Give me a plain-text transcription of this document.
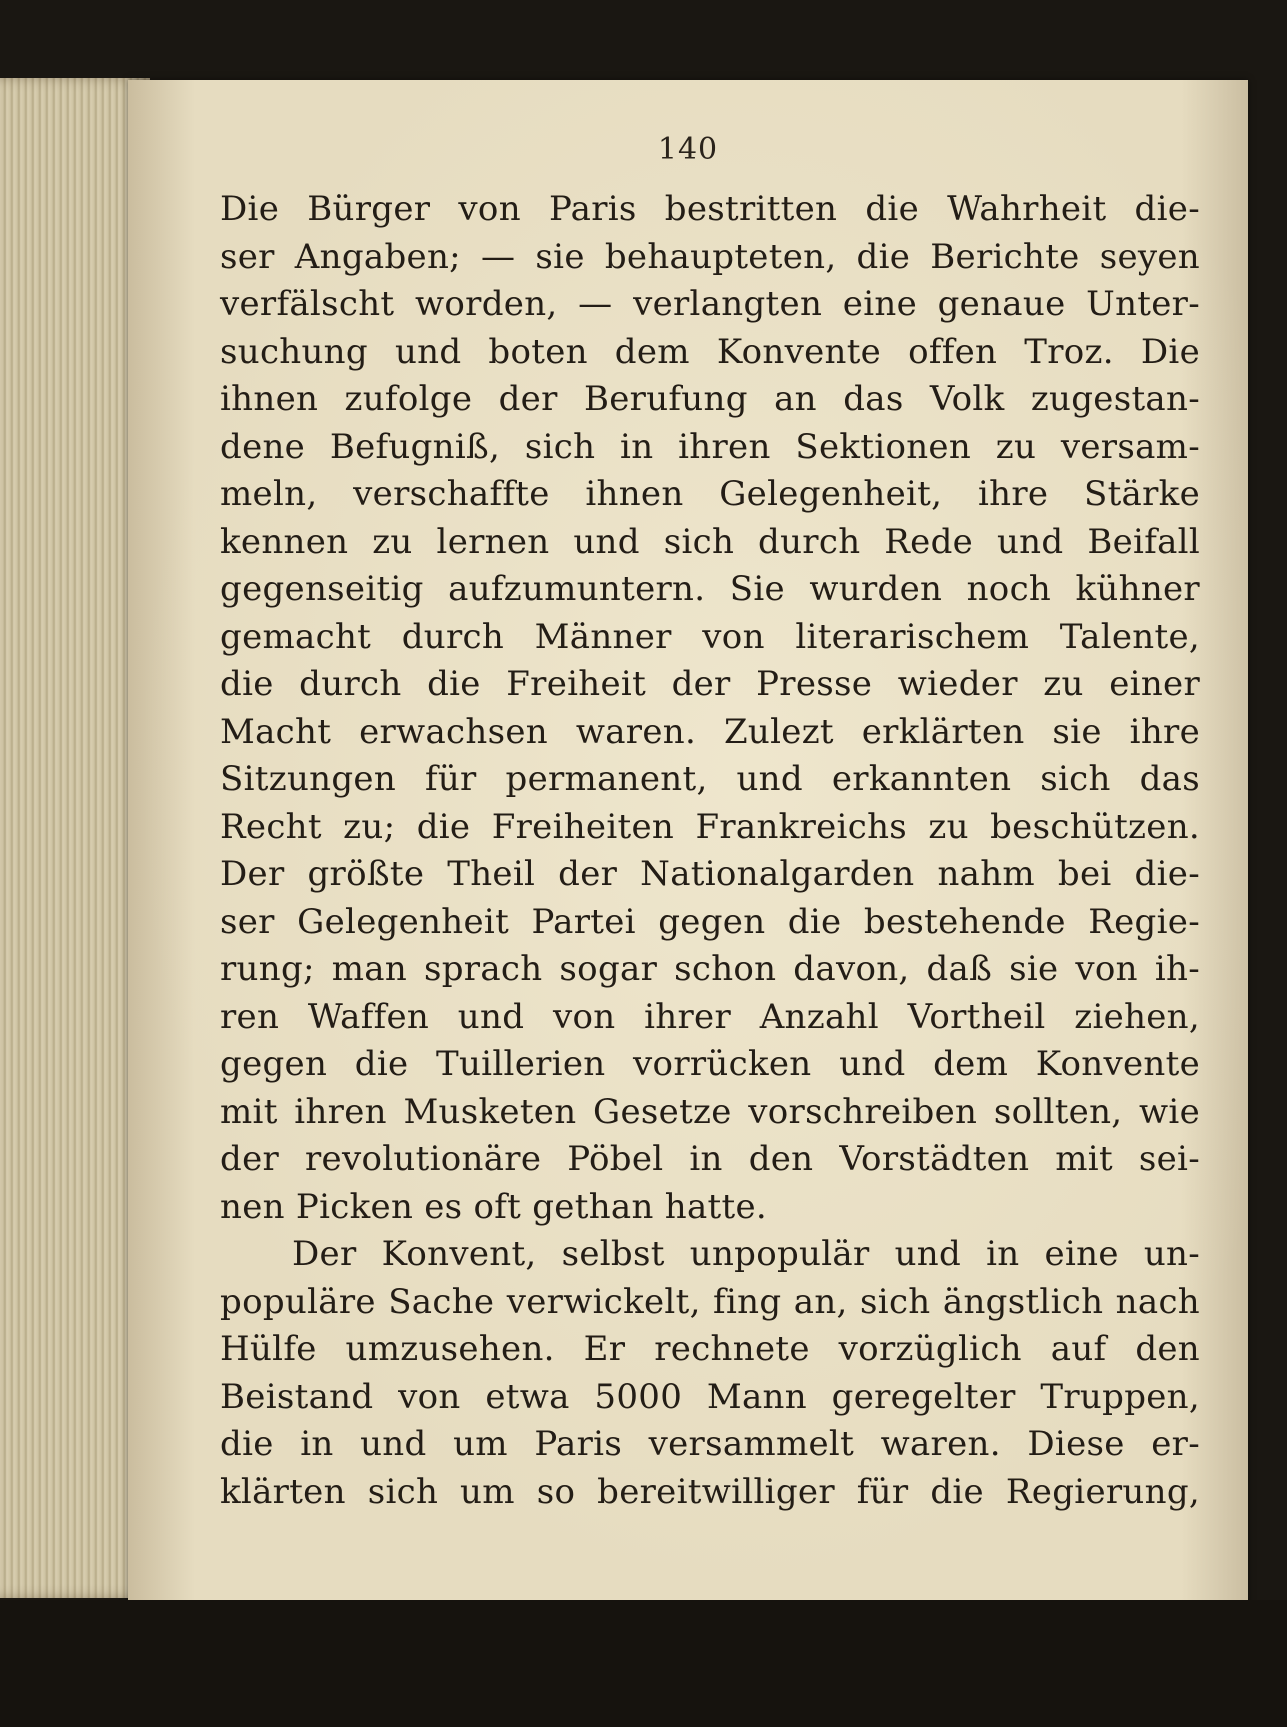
140
Die Bürger von Paris bestritten die Wahrheit die-
ser Angaben; — sie behaupteten, die Berichte seyen
verfälscht worden, — verlangten eine genaue Unter-
suchung und boten dem Konvente offen Troz. Die
ihnen zufolge der Berufung an das Volk zugestan-
dene Befugniß, sich in ihren Sektionen zu versam-
meln, verschaffte ihnen Gelegenheit, ihre Stärke
kennen zu lernen und sich durch Rede und Beifall
gegenseitig aufzumuntern. Sie wurden noch kühner
gemacht durch Männer von literarischem Talente,
die durch die Freiheit der Presse wieder zu einer
Macht erwachsen waren. Zulezt erklärten sie ihre
Sitzungen für permanent, und erkannten sich das
Recht zu; die Freiheiten Frankreichs zu beschützen.
Der größte Theil der Nationalgarden nahm bei die-
ser Gelegenheit Partei gegen die bestehende Regie-
rung; man sprach sogar schon davon, daß sie von ih-
ren Waffen und von ihrer Anzahl Vortheil ziehen,
gegen die Tuillerien vorrücken und dem Konvente
mit ihren Musketen Gesetze vorschreiben sollten, wie
der revolutionäre Pöbel in den Vorstädten mit sei-
nen Picken es oft gethan hatte.
Der Konvent, selbst unpopulär und in eine un-
populäre Sache verwickelt, fing an, sich ängstlich nach
Hülfe umzusehen. Er rechnete vorzüglich auf den
Beistand von etwa 5000 Mann geregelter Truppen,
die in und um Paris versammelt waren. Diese er-
klärten sich um so bereitwilliger für die Regierung,
